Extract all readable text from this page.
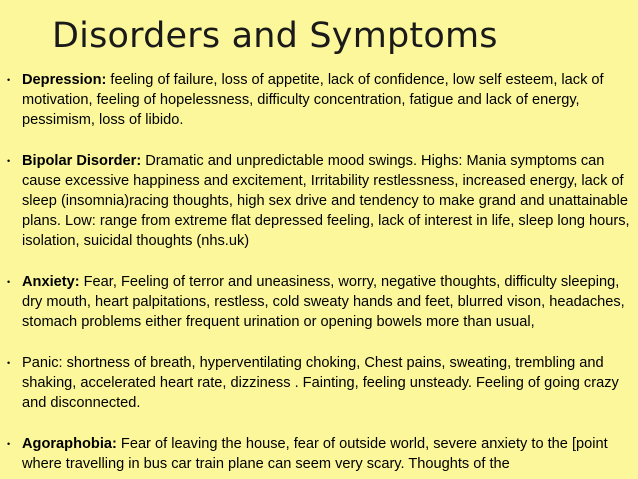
Disorders and Symptoms
• Depression: feeling of failure, loss of appetite, lack of confidence, low self esteem, lack of motivation, feeling of hopelessness, difficulty concentration, fatigue and lack of energy, pessimism, loss of libido.
• Bipolar Disorder: Dramatic and unpredictable mood swings. Highs: Mania symptoms can cause excessive happiness and excitement, Irritability restlessness, increased energy, lack of sleep (insomnia)racing thoughts, high sex drive and tendency to make grand and unattainable plans. Low: range from extreme flat depressed feeling, lack of interest in life, sleep long hours, isolation, suicidal thoughts (nhs.uk)
• Anxiety: Fear, Feeling of terror and uneasiness, worry, negative thoughts, difficulty sleeping, dry mouth, heart palpitations, restless, cold sweaty hands and feet, blurred vison, headaches, stomach problems either frequent urination or opening bowels more than usual,
• Panic: shortness of breath, hyperventilating choking, Chest pains, sweating, trembling and shaking, accelerated heart rate, dizziness . Fainting, feeling unsteady. Feeling of going crazy and disconnected.
• Agoraphobia: Fear of leaving the house, fear of outside world, severe anxiety to the [point where travelling in bus car train plane can seem very scary. Thoughts of the
